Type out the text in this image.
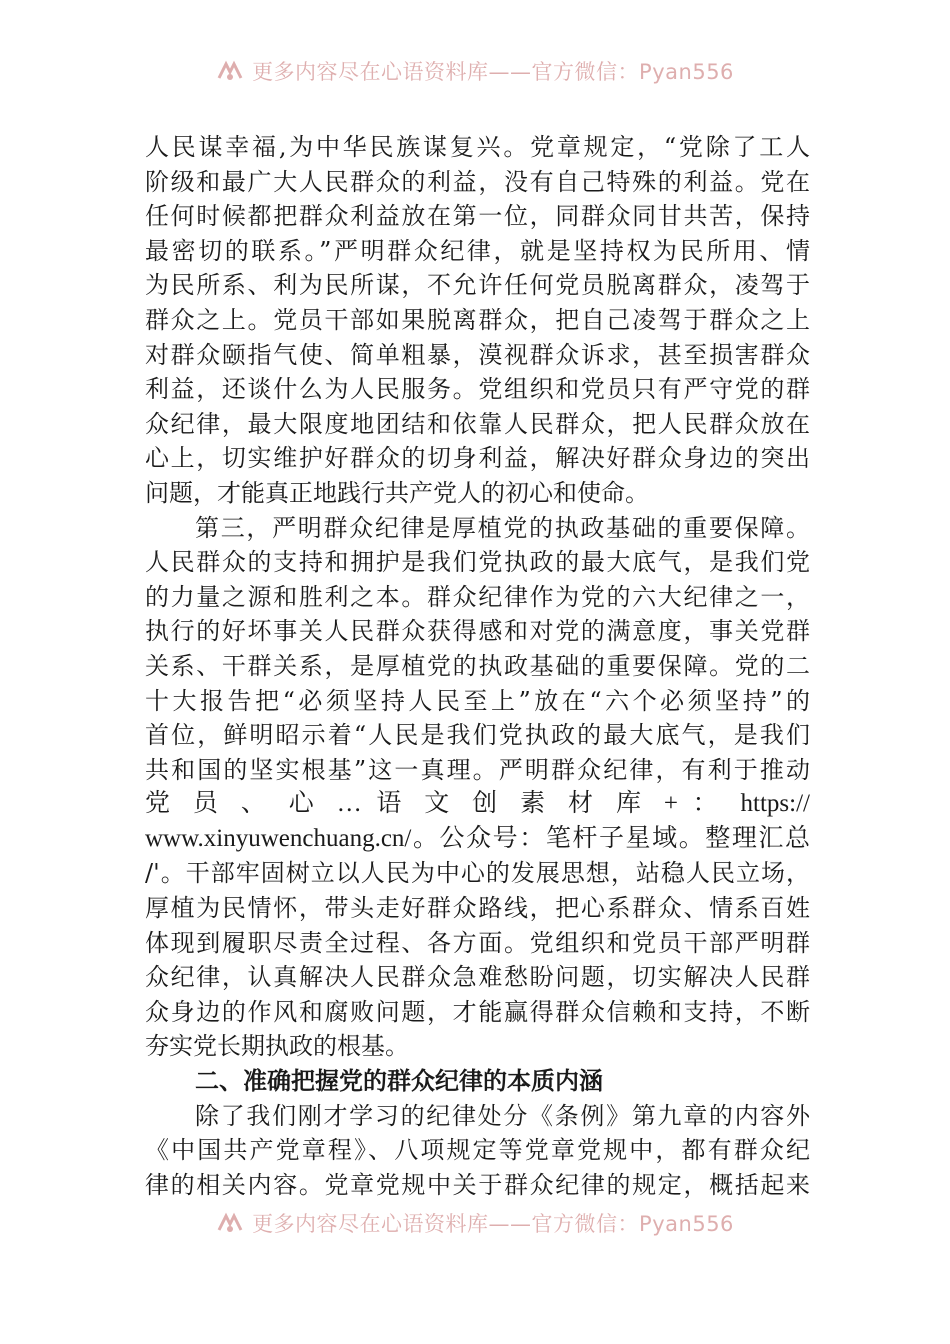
更多内容尽在心语资料库——官方微信：Pyan556
人民谋幸福,为中华民族谋复兴。党章规定，“党除了工人
阶级和最广大人民群众的利益，没有自己特殊的利益。党在
任何时候都把群众利益放在第一位，同群众同甘共苦，保持
最密切的联系。”严明群众纪律，就是坚持权为民所用、情
为民所系、利为民所谋，不允许任何党员脱离群众，凌驾于
群众之上。党员干部如果脱离群众，把自己凌驾于群众之上
对群众颐指气使、简单粗暴，漠视群众诉求，甚至损害群众
利益，还谈什么为人民服务。党组织和党员只有严守党的群
众纪律，最大限度地团结和依靠人民群众，把人民群众放在
心上，切实维护好群众的切身利益，解决好群众身边的突出
问题，才能真正地践行共产党人的初心和使命。
第三，严明群众纪律是厚植党的执政基础的重要保障。
人民群众的支持和拥护是我们党执政的最大底气，是我们党
的力量之源和胜利之本。群众纪律作为党的六大纪律之一，
执行的好坏事关人民群众获得感和对党的满意度，事关党群
关系、干群关系，是厚植党的执政基础的重要保障。党的二
十大报告把“必须坚持人民至上”放在“六个必须坚持”的
首位，鲜明昭示着“人民是我们党执政的最大底气，是我们
共和国的坚实根基”这一真理。严明群众纪律，有利于推动
党 员 、 心 … 语 文 创 素 材 库 + ： https://
www.xinyuwenchuang.cn/。公众号：笔杆子星域。整理汇总
/'。干部牢固树立以人民为中心的发展思想，站稳人民立场，
厚植为民情怀，带头走好群众路线，把心系群众、情系百姓
体现到履职尽责全过程、各方面。党组织和党员干部严明群
众纪律，认真解决人民群众急难愁盼问题，切实解决人民群
众身边的作风和腐败问题，才能赢得群众信赖和支持，不断
夯实党长期执政的根基。
二、准确把握党的群众纪律的本质内涵
除了我们刚才学习的纪律处分《条例》第九章的内容外
《中国共产党章程》、八项规定等党章党规中，都有群众纪
律的相关内容。党章党规中关于群众纪律的规定，概括起来
更多内容尽在心语资料库——官方微信：Pyan556
